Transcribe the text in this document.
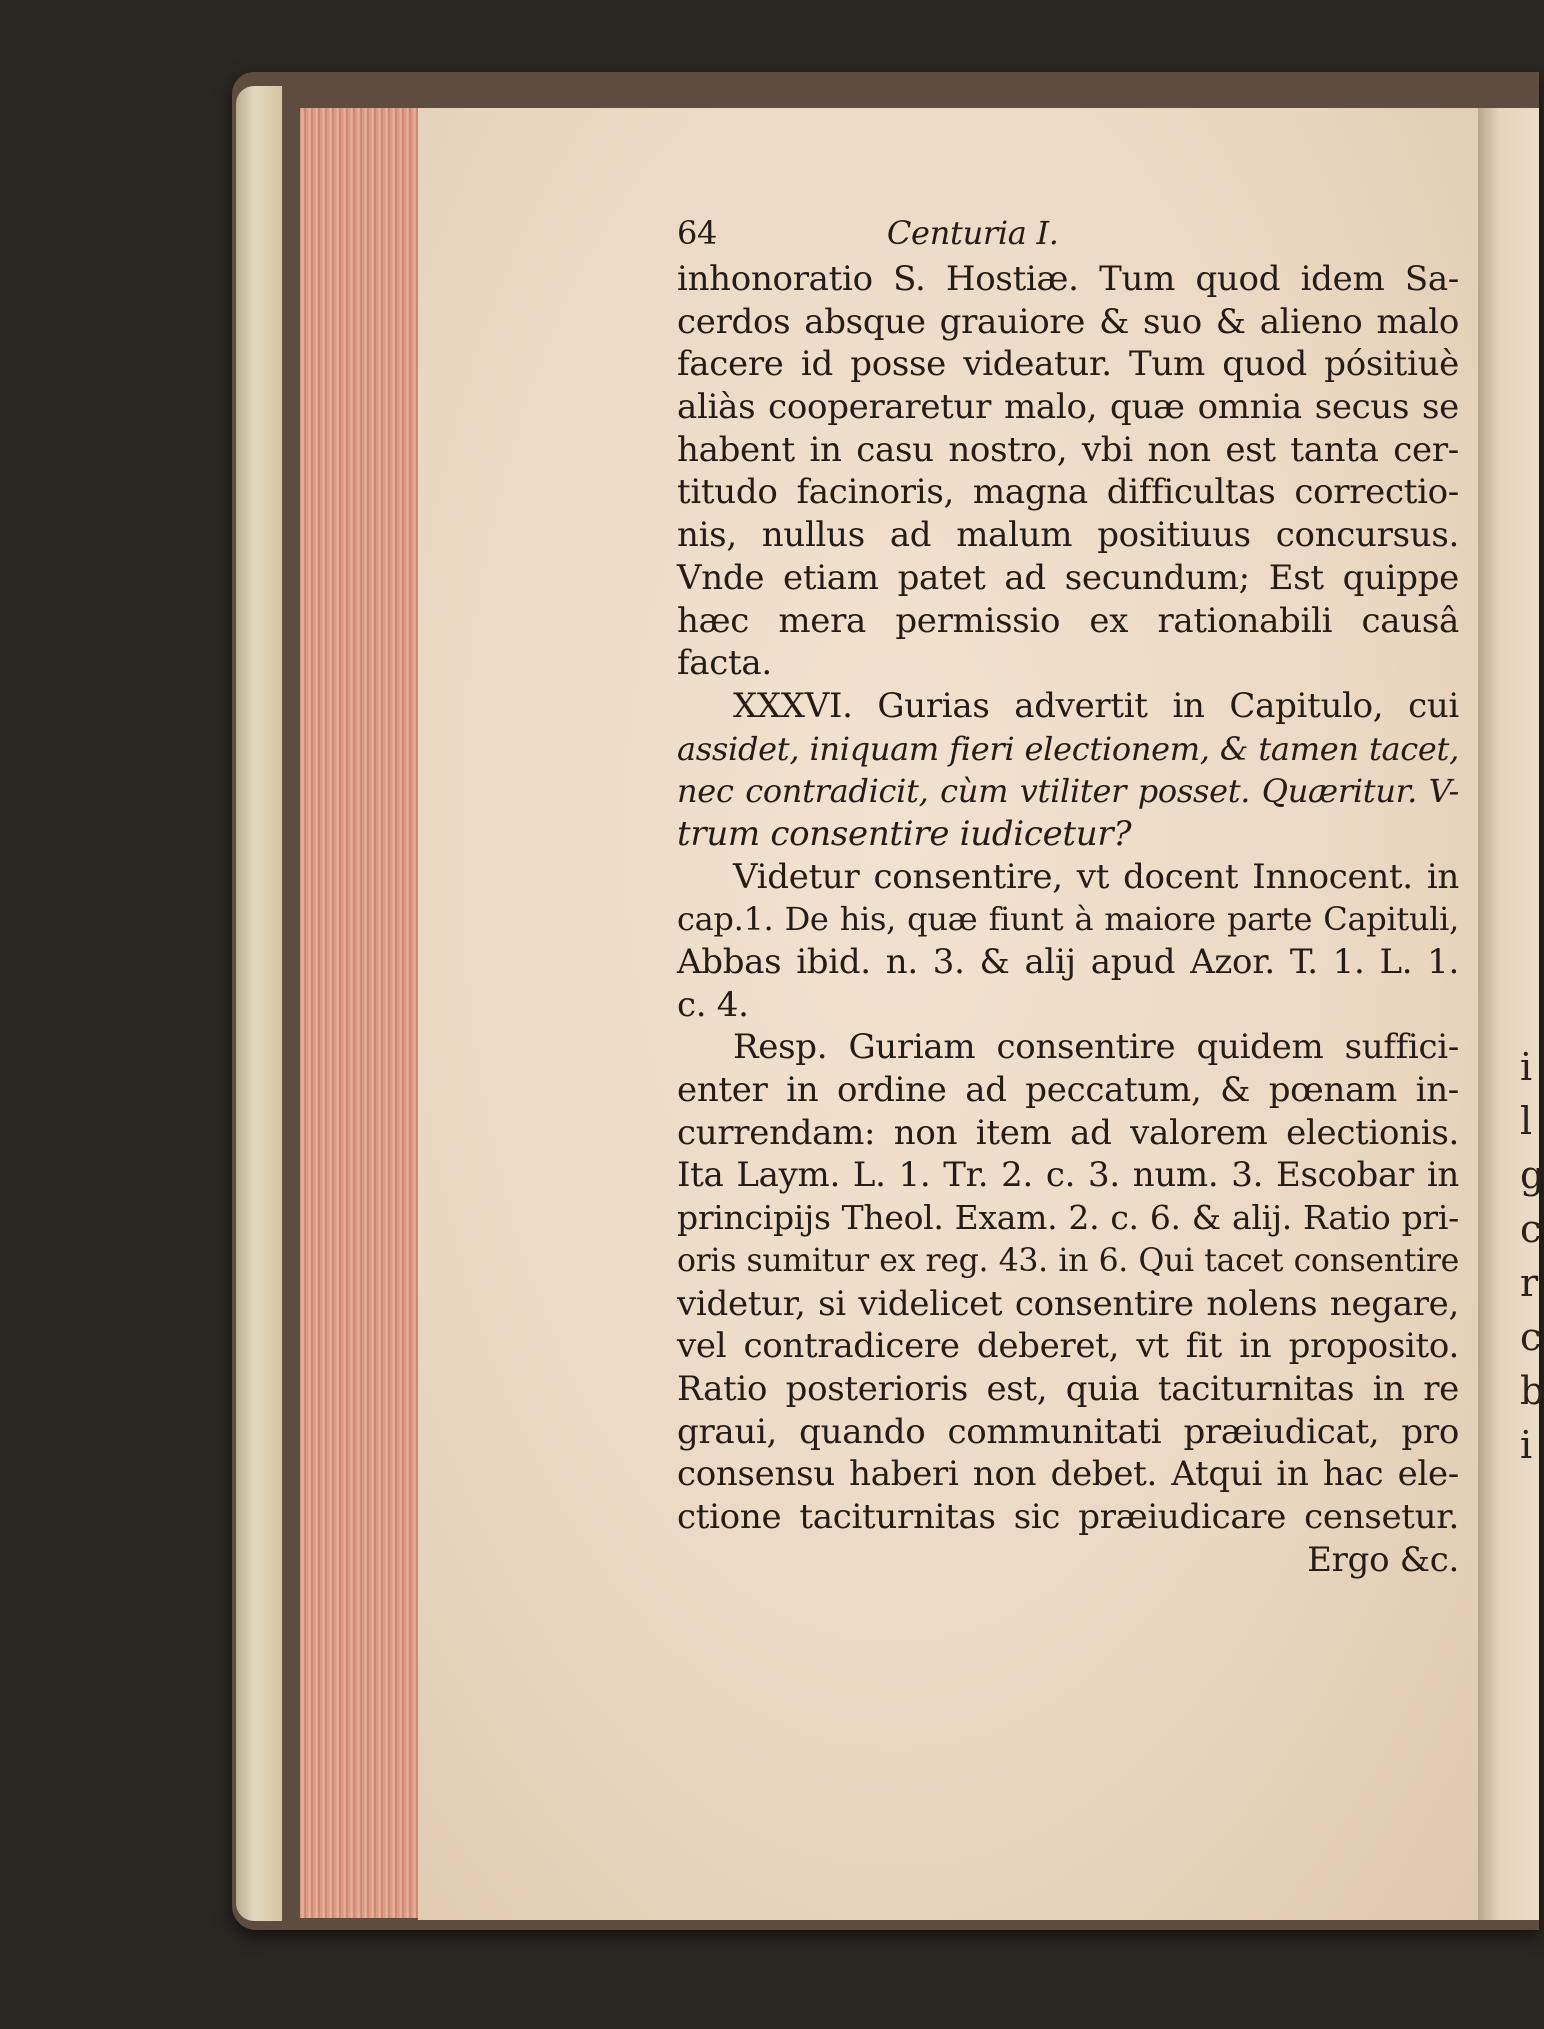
i
l
g
c
r
c
b
i
64	Centuria I.
inhonoratio S. Hostiæ. Tum quod idem Sa-
cerdos absque grauiore & suo & alieno malo
facere id posse videatur. Tum quod pósitiuè
aliàs cooperaretur malo, quæ omnia secus se
habent in casu nostro, vbi non est tanta cer-
titudo facinoris, magna difficultas correctio-
nis, nullus ad malum positiuus concursus.
Vnde etiam patet ad secundum; Est quippe
hæc mera permissio ex rationabili causâ
facta.
XXXVI. Gurias advertit in Capitulo, cui
assidet, iniquam fieri electionem, & tamen tacet,
nec contradicit, cùm vtiliter posset. Quæritur. V-
trum consentire iudicetur?
Videtur consentire, vt docent Innocent. in
cap.1. De his, quæ fiunt à maiore parte Capituli,
Abbas ibid. n. 3. & alij apud Azor. T. 1. L. 1.
c. 4.
Resp. Guriam consentire quidem suffici-
enter in ordine ad peccatum, & pœnam in-
currendam: non item ad valorem electionis.
Ita Laym. L. 1. Tr. 2. c. 3. num. 3. Escobar in
principijs Theol. Exam. 2. c. 6. & alij. Ratio pri-
oris sumitur ex reg. 43. in 6. Qui tacet consentire
videtur, si videlicet consentire nolens negare,
vel contradicere deberet, vt fit in proposito.
Ratio posterioris est, quia taciturnitas in re
graui, quando communitati præiudicat, pro
consensu haberi non debet. Atqui in hac ele-
ctione taciturnitas sic præiudicare censetur.
Ergo &c.
